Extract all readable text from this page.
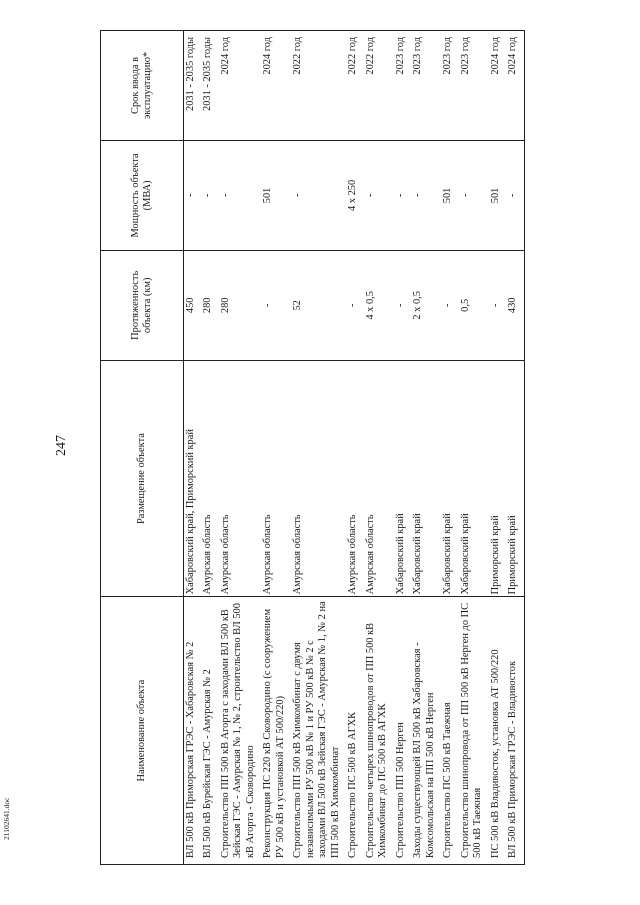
247
Наименование объекта	Размещение объекта	Протяженность объекта (км)	Мощность объекта (МВА)	Срок ввода в эксплуатацию*
ВЛ 500 кВ Приморская ГРЭС - Хабаровская № 2	Хабаровский край, Приморский край	450	-	2031 - 2035 годы
ВЛ 500 кВ Бурейская ГЭС - Амурская № 2	Амурская область	280	-	2031 - 2035 годы
Строительство ПП 500 кВ Агорта с заходами ВЛ 500 кВ Зейская ГЭС - Амурская № 1, № 2, строительство ВЛ 500 кВ Агорта - Сковородино	Амурская область	280	-	2024 год
Реконструкция ПС 220 кВ Сковородино (с сооружением РУ 500 кВ и установкой АТ 500/220)	Амурская область	-	501	2024 год
Строительство ПП 500 кВ Химкомбинат с двумя независимыми РУ 500 кВ № 1 и РУ 500 кВ № 2 с заходами ВЛ 500 кВ Зейская ГЭС - Амурская № 1, № 2 на ПП 500 кВ Химкомбинат	Амурская область	52	-	2022 год
Строительство ПС 500 кВ АГХК	Амурская область	-	4 х 250	2022 год
Строительство четырех шинопроводов от ПП 500 кВ Химкомбинат до ПС 500 кВ АГХК	Амурская область	4 х 0,5	-	2022 год
Строительство ПП 500 Нерген	Хабаровский край	-	-	2023 год
Заходы существующей ВЛ 500 кВ Хабаровская - Комсомольская на ПП 500 кВ Нерген	Хабаровский край	2 х 0,5	-	2023 год
Строительство ПС 500 кВ Таежная	Хабаровский край	-	501	2023 год
Строительство шинопровода от ПП 500 кВ Нерген до ПС 500 кВ Таежная	Хабаровский край	0,5	-	2023 год
ПС 500 кВ Владивосток, установка АТ 500/220	Приморский край	-	501	2024 год
ВЛ 500 кВ Приморская ГРЭС - Владивосток	Приморский край	430	-	2024 год
21102641.doc
